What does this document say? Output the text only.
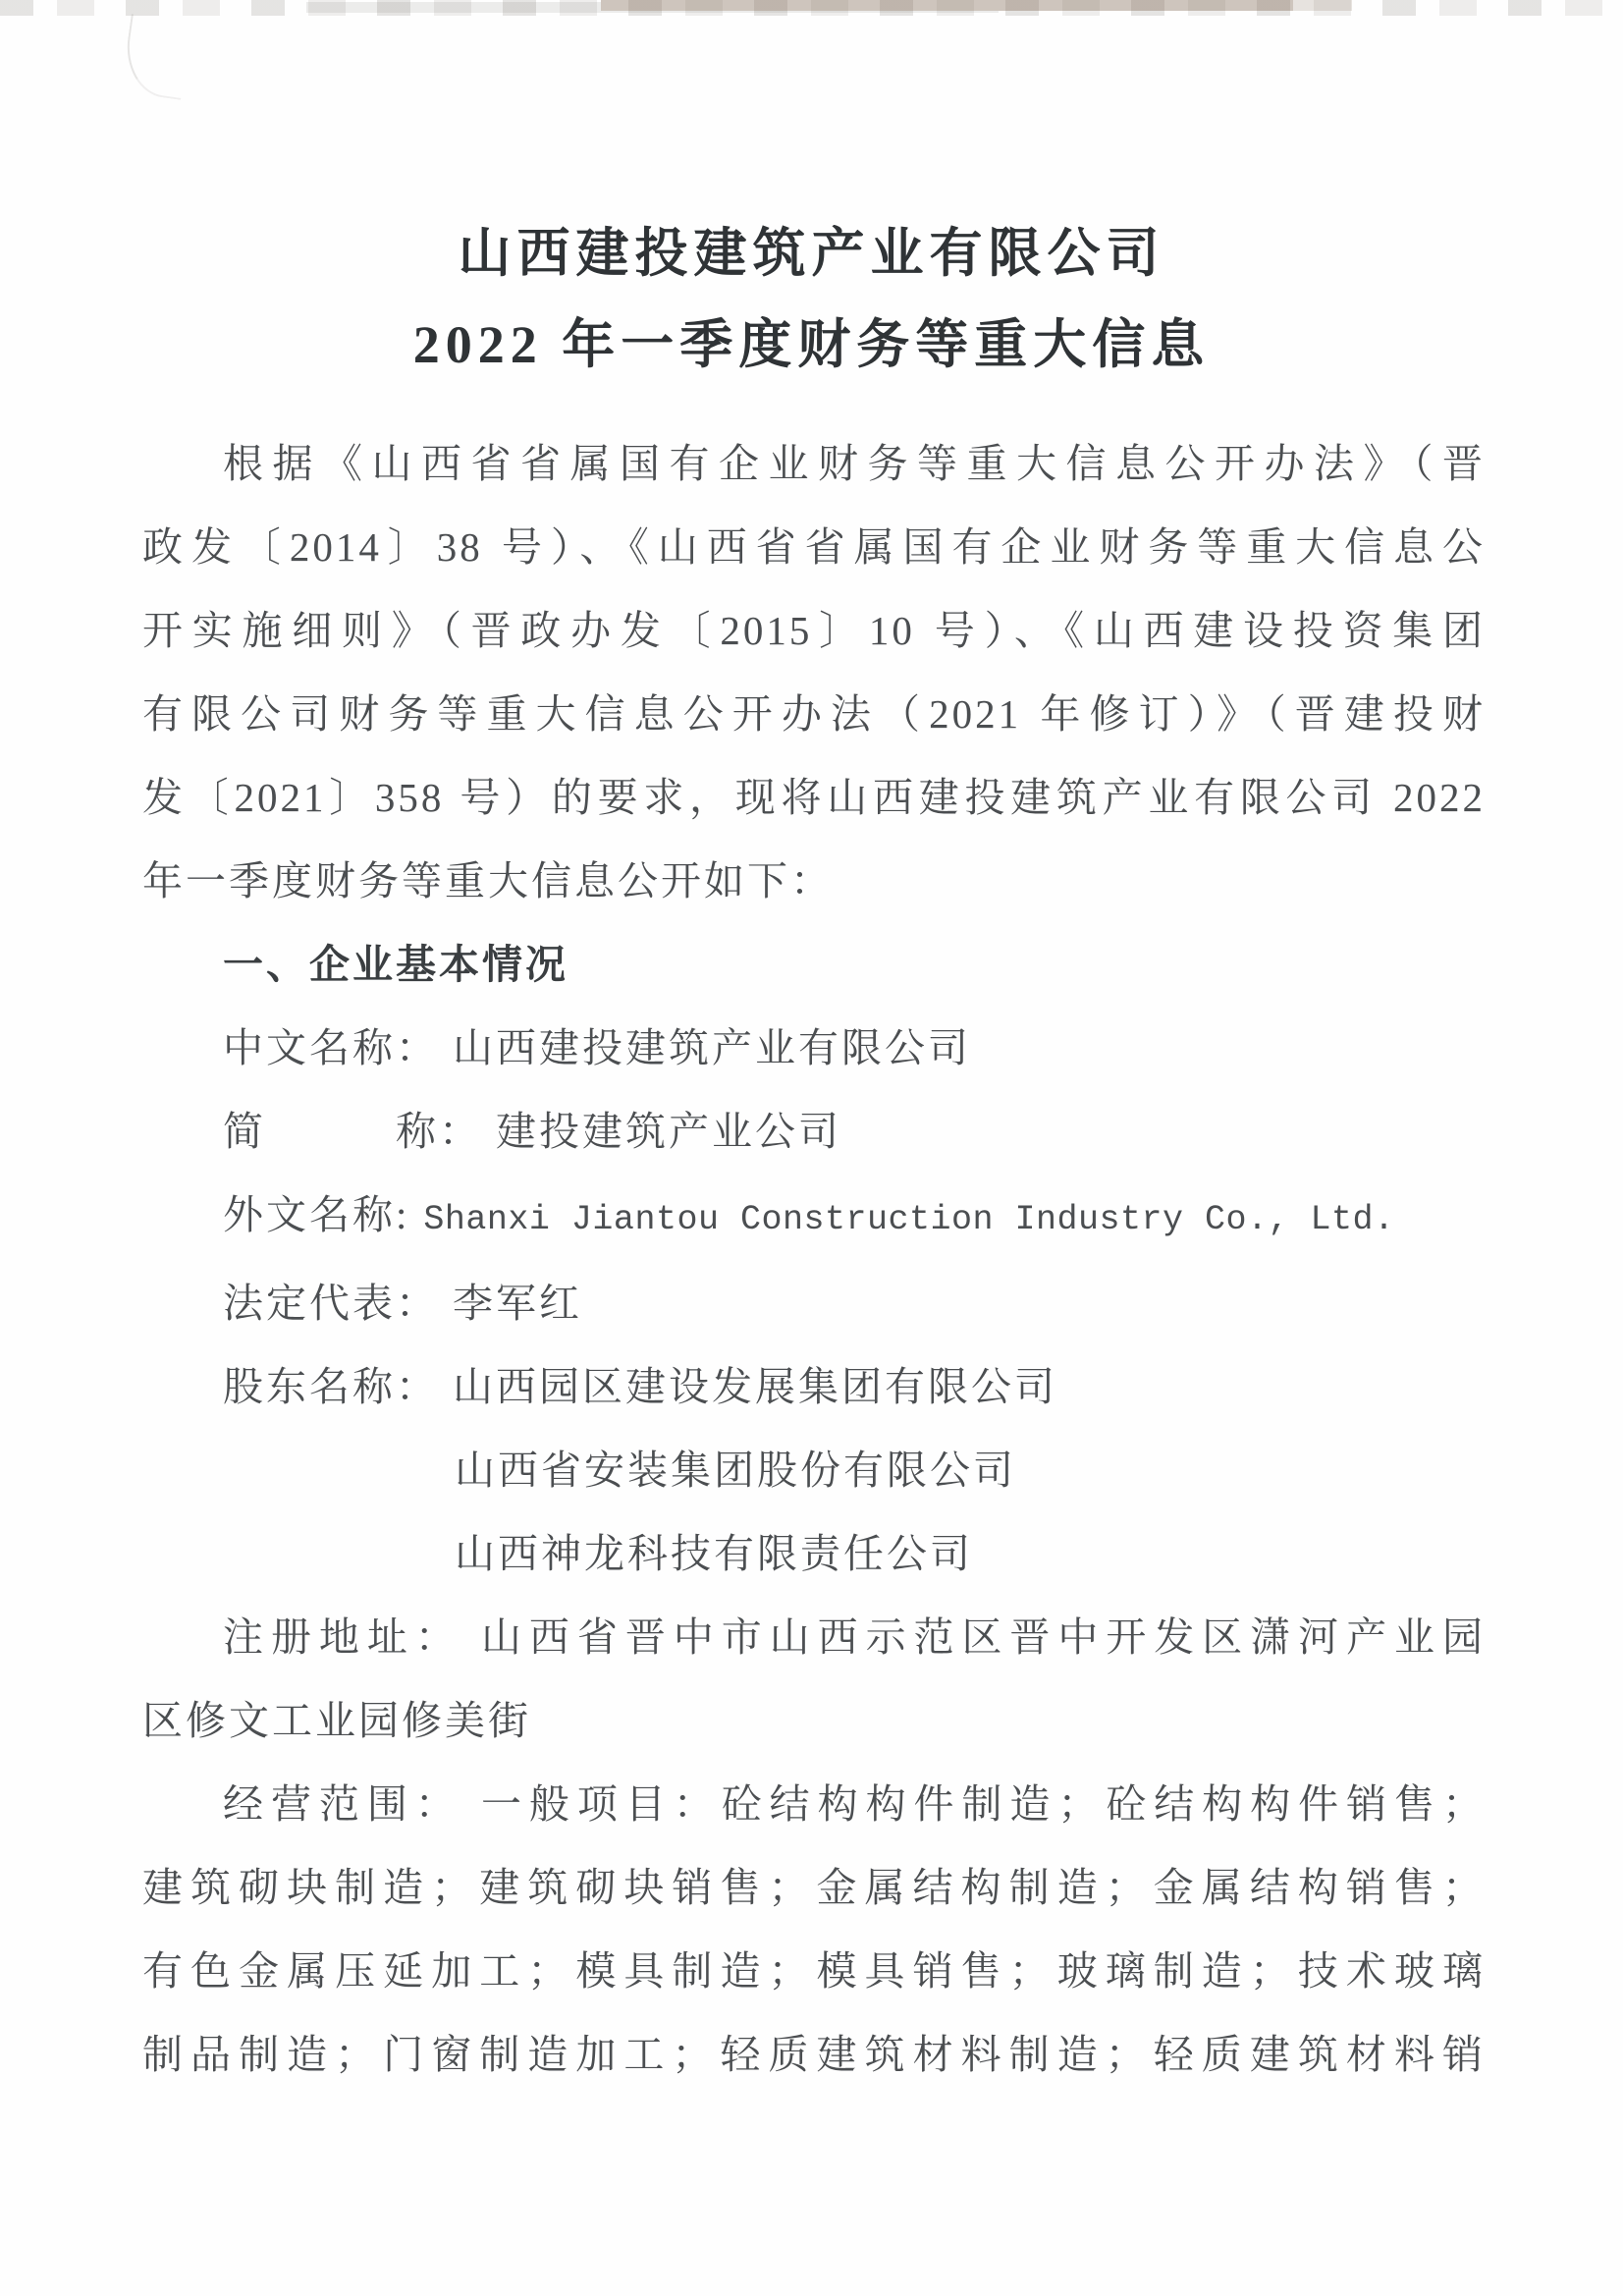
山西建投建筑产业有限公司
2022 年一季度财务等重大信息
根据《山西省省属国有企业财务等重大信息公开办法》（晋
政发〔2014〕38 号）、《山西省省属国有企业财务等重大信息公
开实施细则》（晋政办发〔2015〕10 号）、《山西建设投资集团
有限公司财务等重大信息公开办法（2021 年修订）》（晋建投财
发〔2021〕358 号）的要求，现将山西建投建筑产业有限公司 2022
年一季度财务等重大信息公开如下：
一、企业基本情况
中文名称： 山西建投建筑产业有限公司
简　　　称： 建投建筑产业公司
外文名称: Shanxi Jiantou Construction Industry Co., Ltd.
法定代表： 李军红
股东名称： 山西园区建设发展集团有限公司
山西省安装集团股份有限公司
山西神龙科技有限责任公司
注册地址： 山西省晋中市山西示范区晋中开发区潇河产业园
区修文工业园修美街
经营范围： 一般项目：砼结构构件制造；砼结构构件销售；
建筑砌块制造；建筑砌块销售；金属结构制造；金属结构销售；
有色金属压延加工；模具制造；模具销售；玻璃制造；技术玻璃
制品制造；门窗制造加工；轻质建筑材料制造；轻质建筑材料销
